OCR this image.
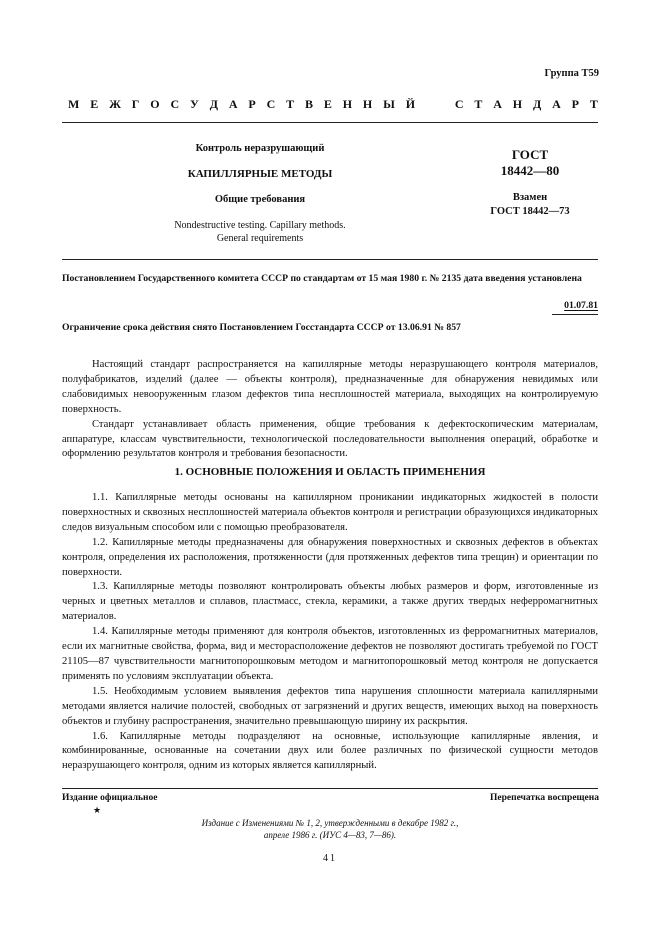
Группа Т59
М Е Ж Г О С У Д А Р С Т В Е Н Н Ы Й	С Т А Н Д А Р Т
Контроль неразрушающий
КАПИЛЛЯРНЫЕ МЕТОДЫ
Общие требования
Nondestructive testing. Capillary methods.
General requirements
ГОСТ
18442—80
Взамен
ГОСТ 18442—73
Постановлением Государственного комитета СССР по стандартам от 15 мая 1980 г. № 2135 дата введения установлена
01.07.81
Ограничение срока действия снято Постановлением Госстандарта СССР от 13.06.91 № 857

Настоящий стандарт распространяется на капиллярные методы неразрушающего контроля материалов, полуфабрикатов, изделий (далее — объекты контроля), предназначенные для обнаружения невидимых или слабовидимых невооруженным глазом дефектов типа несплошностей материала, выходящих на контролируемую поверхность.

Стандарт устанавливает область применения, общие требования к дефектоскопическим материалам, аппаратуре, классам чувствительности, технологической последовательности выполнения операций, обработке и оформлению результатов контроля и требования безопасности.

1. ОСНОВНЫЕ ПОЛОЖЕНИЯ И ОБЛАСТЬ ПРИМЕНЕНИЯ

1.1. Капиллярные методы основаны на капиллярном проникании индикаторных жидкостей в полости поверхностных и сквозных несплошностей материала объектов контроля и регистрации образующихся индикаторных следов визуальным способом или с помощью преобразователя.

1.2. Капиллярные методы предназначены для обнаружения поверхностных и сквозных дефектов в объектах контроля, определения их расположения, протяженности (для протяженных дефектов типа трещин) и ориентации по поверхности.

1.3. Капиллярные методы позволяют контролировать объекты любых размеров и форм, изготовленные из черных и цветных металлов и сплавов, пластмасс, стекла, керамики, а также других твердых неферромагнитных материалов.

1.4. Капиллярные методы применяют для контроля объектов, изготовленных из ферромагнитных материалов, если их магнитные свойства, форма, вид и месторасположение дефектов не позволяют достигать требуемой по ГОСТ 21105—87 чувствительности магнитопорошковым методом и магнитопорошковый метод контроля не допускается применять по условиям эксплуатации объекта.

1.5. Необходимым условием выявления дефектов типа нарушения сплошности материала капиллярными методами является наличие полостей, свободных от загрязнений и других веществ, имеющих выход на поверхность объектов и глубину распространения, значительно превышающую ширину их раскрытия.

1.6. Капиллярные методы подразделяют на основные, использующие капиллярные явления, и комбинированные, основанные на сочетании двух или более различных по физической сущности методов неразрушающего контроля, одним из которых является капиллярный.

Издание официальное	Перепечатка воспрещена
★
Издание с Изменениями № 1, 2, утвержденными в декабре 1982 г.,
апреле 1986 г. (ИУС 4—83, 7—86).
41
